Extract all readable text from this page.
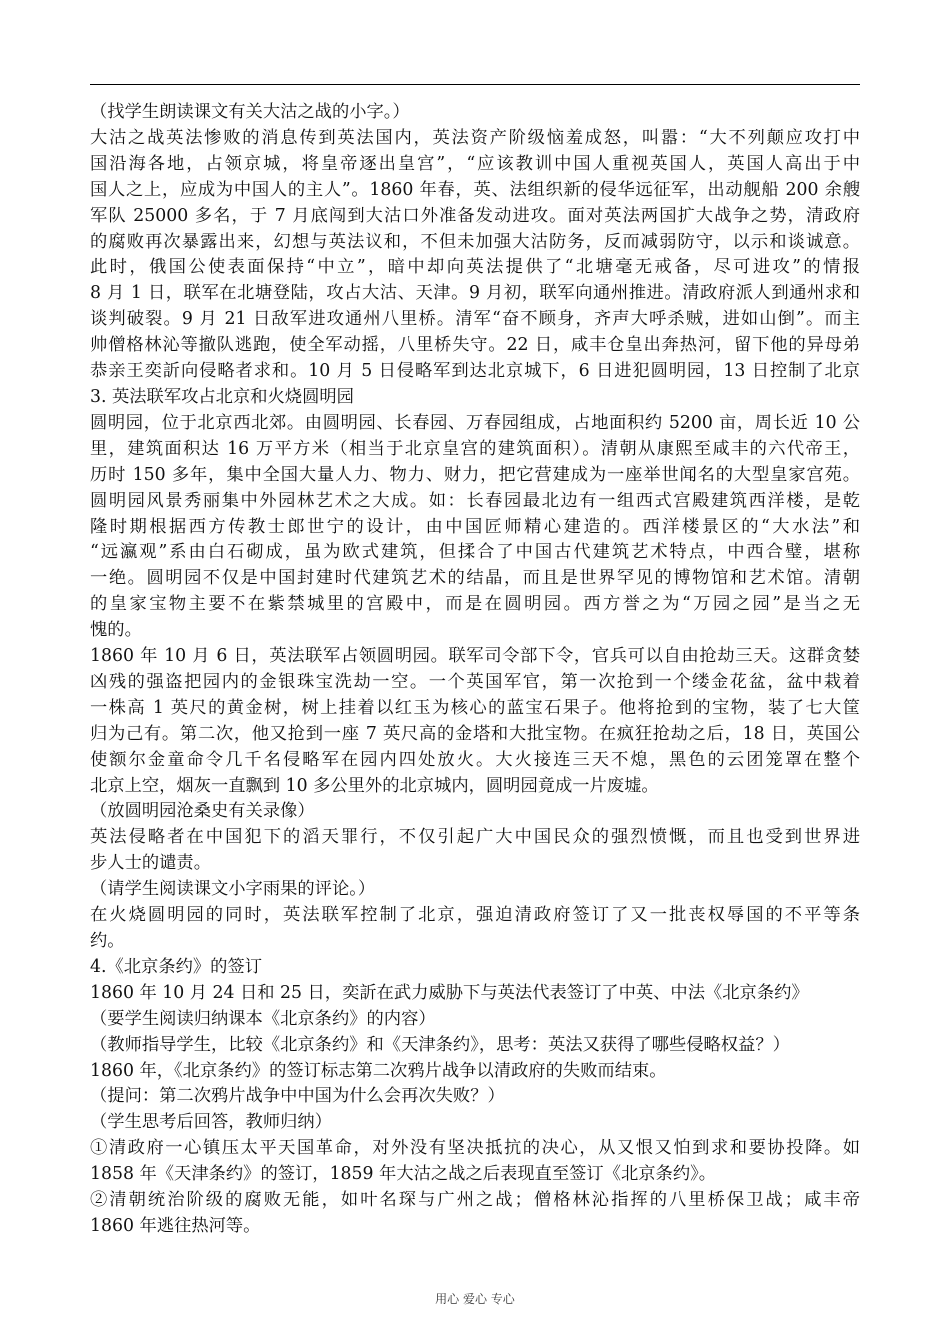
（找学生朗读课文有关大沽之战的小字。）
大沽之战英法惨败的消息传到英法国内，英法资产阶级恼羞成怒，叫嚣：“大不列颠应攻打中
国沿海各地，占领京城，将皇帝逐出皇宫”，“应该教训中国人重视英国人，英国人高出于中
国人之上，应成为中国人的主人”。1860 年春，英、法组织新的侵华远征军，出动舰船 200 余艘
军队 25000 多名，于 7 月底闯到大沽口外准备发动进攻。面对英法两国扩大战争之势，清政府
的腐败再次暴露出来，幻想与英法议和，不但未加强大沽防务，反而减弱防守，以示和谈诚意。
此时，俄国公使表面保持“中立”，暗中却向英法提供了“北塘毫无戒备，尽可进攻”的情报
8 月 1 日，联军在北塘登陆，攻占大沽、天津。9 月初，联军向通州推进。清政府派人到通州求和
谈判破裂。9 月 21 日敌军进攻通州八里桥。清军“奋不顾身，齐声大呼杀贼，进如山倒”。而主
帅僧格林沁等撤队逃跑，使全军动摇，八里桥失守。22 日，咸丰仓皇出奔热河，留下他的异母弟
恭亲王奕訢向侵略者求和。10 月 5 日侵略军到达北京城下，6 日进犯圆明园，13 日控制了北京
3. 英法联军攻占北京和火烧圆明园
圆明园，位于北京西北郊。由圆明园、长春园、万春园组成，占地面积约 5200 亩，周长近 10 公
里，建筑面积达 16 万平方米（相当于北京皇宫的建筑面积）。清朝从康熙至咸丰的六代帝王，
历时 150 多年，集中全国大量人力、物力、财力，把它营建成为一座举世闻名的大型皇家宫苑。
圆明园风景秀丽集中外园林艺术之大成。如：长春园最北边有一组西式宫殿建筑西洋楼，是乾
隆时期根据西方传教士郎世宁的设计，由中国匠师精心建造的。西洋楼景区的“大水法”和
“远瀛观”系由白石砌成，虽为欧式建筑，但揉合了中国古代建筑艺术特点，中西合璧，堪称
一绝。圆明园不仅是中国封建时代建筑艺术的结晶，而且是世界罕见的博物馆和艺术馆。清朝
的皇家宝物主要不在紫禁城里的宫殿中，而是在圆明园。西方誉之为“万园之园”是当之无
愧的。
1860 年 10 月 6 日，英法联军占领圆明园。联军司令部下令，官兵可以自由抢劫三天。这群贪婪
凶残的强盗把园内的金银珠宝洗劫一空。一个英国军官，第一次抢到一个缕金花盆，盆中栽着
一株高 1 英尺的黄金树，树上挂着以红玉为核心的蓝宝石果子。他将抢到的宝物，装了七大筐
归为己有。第二次，他又抢到一座 7 英尺高的金塔和大批宝物。在疯狂抢劫之后，18 日，英国公
使额尔金童命令几千名侵略军在园内四处放火。大火接连三天不熄，黑色的云团笼罩在整个
北京上空，烟灰一直飘到 10 多公里外的北京城内，圆明园竟成一片废墟。
（放圆明园沧桑史有关录像）
英法侵略者在中国犯下的滔天罪行，不仅引起广大中国民众的强烈愤慨，而且也受到世界进
步人士的谴责。
（请学生阅读课文小字雨果的评论。）
在火烧圆明园的同时，英法联军控制了北京，强迫清政府签订了又一批丧权辱国的不平等条
约。
4.《北京条约》的签订
1860 年 10 月 24 日和 25 日，奕訢在武力威胁下与英法代表签订了中英、中法《北京条约》
（要学生阅读归纳课本《北京条约》的内容）
（教师指导学生，比较《北京条约》和《天津条约》，思考：英法又获得了哪些侵略权益？）
1860 年，《北京条约》的签订标志第二次鸦片战争以清政府的失败而结束。
（提问：第二次鸦片战争中中国为什么会再次失败？）
（学生思考后回答，教师归纳）
①清政府一心镇压太平天国革命，对外没有坚决抵抗的决心，从又恨又怕到求和要协投降。如
1858 年《天津条约》的签订，1859 年大沽之战之后表现直至签订《北京条约》。
②清朝统治阶级的腐败无能，如叶名琛与广州之战；僧格林沁指挥的八里桥保卫战；咸丰帝
1860 年逃往热河等。
用心 爱心 专心
